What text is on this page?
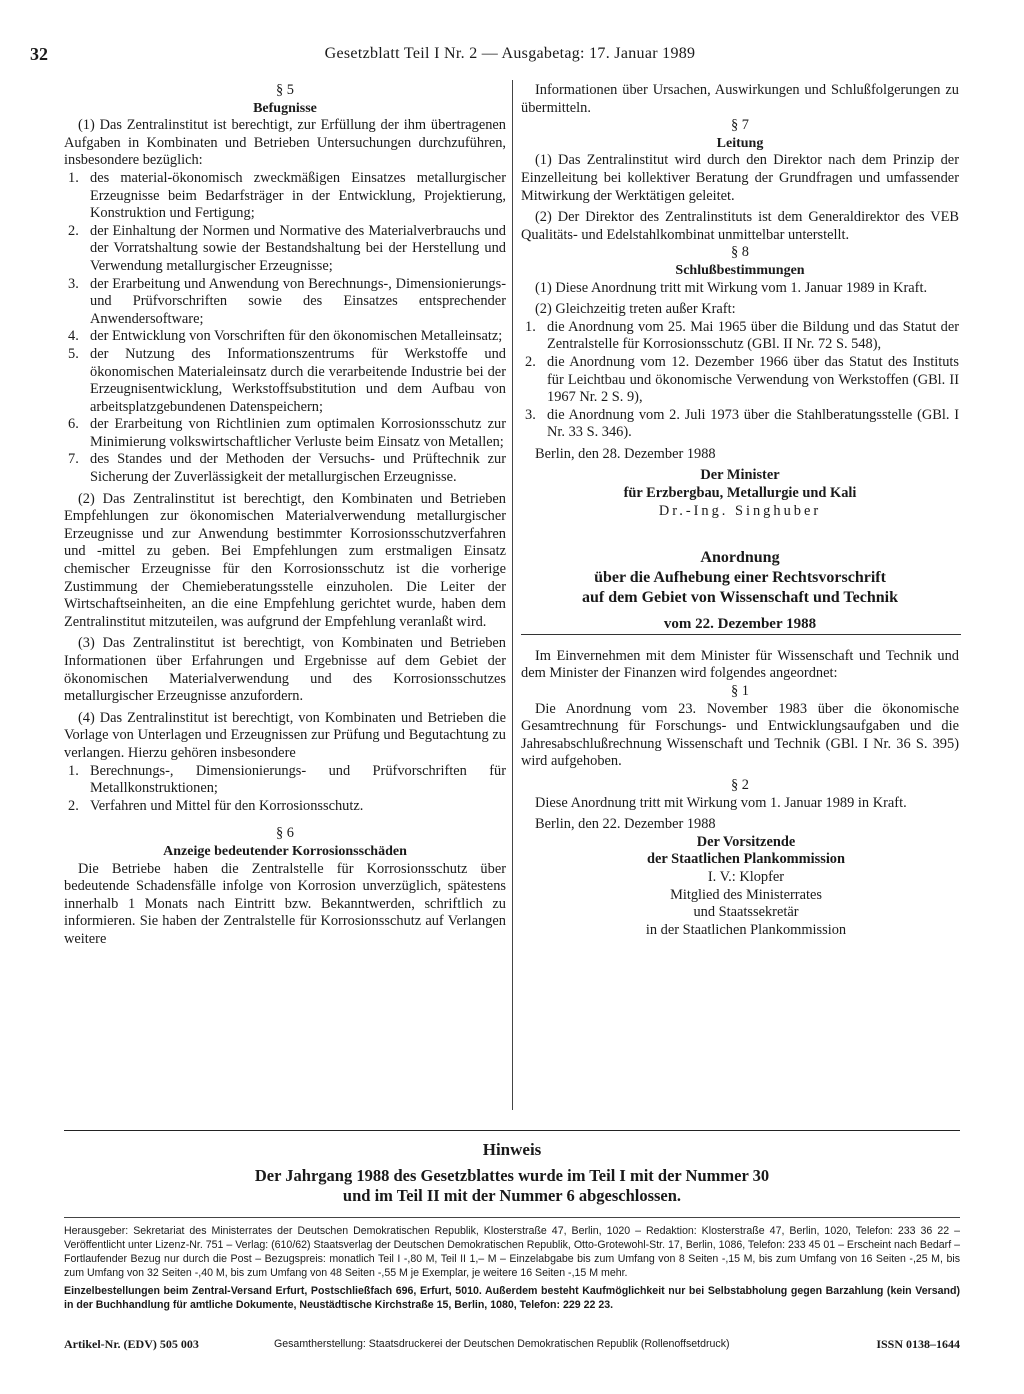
32	Gesetzblatt Teil I Nr. 2 — Ausgabetag: 17. Januar 1989

§ 5

Befugnisse

(1) Das Zentralinstitut ist berechtigt, zur Erfüllung der ihm übertragenen Aufgaben in Kombinaten und Betrieben Untersuchungen durchzuführen, insbesondere bezüglich:

1. des material-ökonomisch zweckmäßigen Einsatzes metallurgischer Erzeugnisse beim Bedarfsträger in der Entwicklung, Projektierung, Konstruktion und Fertigung;
2. der Einhaltung der Normen und Normative des Materialverbrauchs und der Vorratshaltung sowie der Bestandshaltung bei der Herstellung und Verwendung metallurgischer Erzeugnisse;
3. der Erarbeitung und Anwendung von Berechnungs-, Dimensionierungs- und Prüfvorschriften sowie des Einsatzes entsprechender Anwendersoftware;
4. der Entwicklung von Vorschriften für den ökonomischen Metalleinsatz;
5. der Nutzung des Informationszentrums für Werkstoffe und ökonomischen Materialeinsatz durch die verarbeitende Industrie bei der Erzeugnisentwicklung, Werkstoffsubstitution und dem Aufbau von arbeitsplatzgebundenen Datenspeichern;
6. der Erarbeitung von Richtlinien zum optimalen Korrosionsschutz zur Minimierung volkswirtschaftlicher Verluste beim Einsatz von Metallen;
7. des Standes und der Methoden der Versuchs- und Prüftechnik zur Sicherung der Zuverlässigkeit der metallurgischen Erzeugnisse.

(2) Das Zentralinstitut ist berechtigt, den Kombinaten und Betrieben Empfehlungen zur ökonomischen Materialverwendung metallurgischer Erzeugnisse und zur Anwendung bestimmter Korrosionsschutzverfahren und -mittel zu geben. Bei Empfehlungen zum erstmaligen Einsatz chemischer Erzeugnisse für den Korrosionsschutz ist die vorherige Zustimmung der Chemieberatungsstelle einzuholen. Die Leiter der Wirtschaftseinheiten, an die eine Empfehlung gerichtet wurde, haben dem Zentralinstitut mitzuteilen, was aufgrund der Empfehlung veranlaßt wird.

(3) Das Zentralinstitut ist berechtigt, von Kombinaten und Betrieben Informationen über Erfahrungen und Ergebnisse auf dem Gebiet der ökonomischen Materialverwendung und des Korrosionsschutzes metallurgischer Erzeugnisse anzufordern.

(4) Das Zentralinstitut ist berechtigt, von Kombinaten und Betrieben die Vorlage von Unterlagen und Erzeugnissen zur Prüfung und Begutachtung zu verlangen. Hierzu gehören insbesondere

1. Berechnungs-, Dimensionierungs- und Prüfvorschriften für Metallkonstruktionen;
2. Verfahren und Mittel für den Korrosionsschutz.

§ 6

Anzeige bedeutender Korrosionsschäden

Die Betriebe haben die Zentralstelle für Korrosionsschutz über bedeutende Schadensfälle infolge von Korrosion unverzüglich, spätestens innerhalb 1 Monats nach Eintritt bzw. Bekanntwerden, schriftlich zu informieren. Sie haben der Zentralstelle für Korrosionsschutz auf Verlangen weitere

Informationen über Ursachen, Auswirkungen und Schlußfolgerungen zu übermitteln.

§ 7

Leitung

(1) Das Zentralinstitut wird durch den Direktor nach dem Prinzip der Einzelleitung bei kollektiver Beratung der Grundfragen und umfassender Mitwirkung der Werktätigen geleitet.

(2) Der Direktor des Zentralinstituts ist dem Generaldirektor des VEB Qualitäts- und Edelstahlkombinat unmittelbar unterstellt.

§ 8

Schlußbestimmungen

(1) Diese Anordnung tritt mit Wirkung vom 1. Januar 1989 in Kraft.

(2) Gleichzeitig treten außer Kraft:

1. die Anordnung vom 25. Mai 1965 über die Bildung und das Statut der Zentralstelle für Korrosionsschutz (GBl. II Nr. 72 S. 548),
2. die Anordnung vom 12. Dezember 1966 über das Statut des Instituts für Leichtbau und ökonomische Verwendung von Werkstoffen (GBl. II 1967 Nr. 2 S. 9),
3. die Anordnung vom 2. Juli 1973 über die Stahlberatungsstelle (GBl. I Nr. 33 S. 346).

Berlin, den 28. Dezember 1988

Der Minister
für Erzbergbau, Metallurgie und Kali
Dr.-Ing. Singhuber
Anordnung
über die Aufhebung einer Rechtsvorschrift
auf dem Gebiet von Wissenschaft und Technik
vom 22. Dezember 1988

Im Einvernehmen mit dem Minister für Wissenschaft und Technik und dem Minister der Finanzen wird folgendes angeordnet:

§ 1

Die Anordnung vom 23. November 1983 über die ökonomische Gesamtrechnung für Forschungs- und Entwicklungsaufgaben und die Jahresabschlußrechnung Wissenschaft und Technik (GBl. I Nr. 36 S. 395) wird aufgehoben.

§ 2

Diese Anordnung tritt mit Wirkung vom 1. Januar 1989 in Kraft.

Berlin, den 22. Dezember 1988

Der Vorsitzende
der Staatlichen Plankommission
I. V.: Klopfer
Mitglied des Ministerrates
und Staatssekretär
in der Staatlichen Plankommission
Hinweis
Der Jahrgang 1988 des Gesetzblattes wurde im Teil I mit der Nummer 30
und im Teil II mit der Nummer 6 abgeschlossen.

Herausgeber: Sekretariat des Ministerrates der Deutschen Demokratischen Republik, Klosterstraße 47, Berlin, 1020 – Redaktion: Klosterstraße 47, Berlin, 1020, Telefon: 233 36 22 – Veröffentlicht unter Lizenz-Nr. 751 – Verlag: (610/62) Staatsverlag der Deutschen Demokratischen Republik, Otto-Grotewohl-Str. 17, Berlin, 1086, Telefon: 233 45 01 – Erscheint nach Bedarf – Fortlaufender Bezug nur durch die Post – Bezugspreis: monatlich Teil I -,80 M, Teil II 1,– M – Einzelabgabe bis zum Umfang von 8 Seiten -,15 M, bis zum Umfang von 16 Seiten -,25 M, bis zum Umfang von 32 Seiten -,40 M, bis zum Umfang von 48 Seiten -,55 M je Exemplar, je weitere 16 Seiten -,15 M mehr.

Einzelbestellungen beim Zentral-Versand Erfurt, Postschließfach 696, Erfurt, 5010. Außerdem besteht Kaufmöglichkeit nur bei Selbstabholung gegen Barzahlung (kein Versand) in der Buchhandlung für amtliche Dokumente, Neustädtische Kirchstraße 15, Berlin, 1080, Telefon: 229 22 23.

Artikel-Nr. (EDV) 505 003	Gesamtherstellung: Staatsdruckerei der Deutschen Demokratischen Republik (Rollenoffsetdruck)	ISSN 0138–1644
